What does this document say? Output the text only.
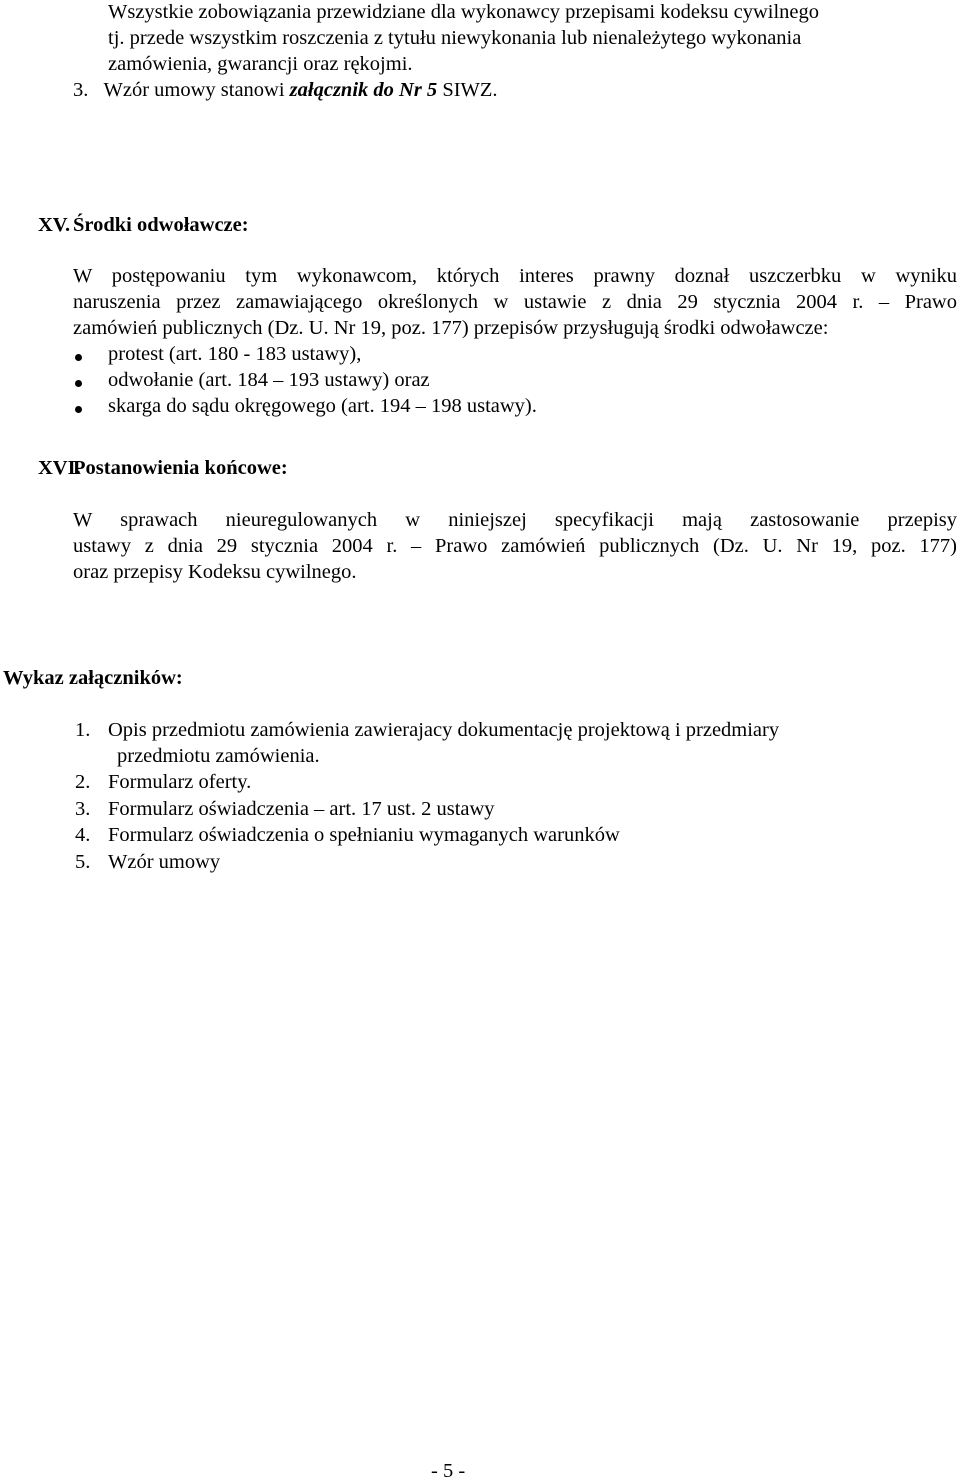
Wszystkie zobowiązania przewidziane dla wykonawcy przepisami kodeksu cywilnego
tj. przede wszystkim roszczenia z tytułu niewykonania lub nienależytego wykonania
zamówienia, gwarancji oraz rękojmi.
3. Wzór umowy stanowi załącznik do Nr 5 SIWZ.
XV. Środki odwoławcze:
W postępowaniu tym wykonawcom, których interes prawny doznał uszczerbku w wyniku
naruszenia przez zamawiającego określonych w ustawie z dnia 29 stycznia 2004 r. – Prawo
zamówień publicznych (Dz. U. Nr 19, poz. 177) przepisów przysługują środki odwoławcze:
protest (art. 180 - 183 ustawy),
odwołanie (art. 184 – 193 ustawy) oraz
skarga do sądu okręgowego (art. 194 – 198 ustawy).
XVI.
Postanowienia końcowe:
W sprawach nieuregulowanych w niniejszej specyfikacji mają zastosowanie przepisy
ustawy z dnia 29 stycznia 2004 r. – Prawo zamówień publicznych (Dz. U. Nr 19, poz. 177)
oraz przepisy Kodeksu cywilnego.
Wykaz załączników:
1. Opis przedmiotu zamówienia zawierajacy dokumentację projektową i przedmiary
przedmiotu zamówienia.
2. Formularz oferty.
3. Formularz oświadczenia – art. 17 ust. 2 ustawy
4. Formularz oświadczenia o spełnianiu wymaganych warunków
5. Wzór umowy
- 5 -
